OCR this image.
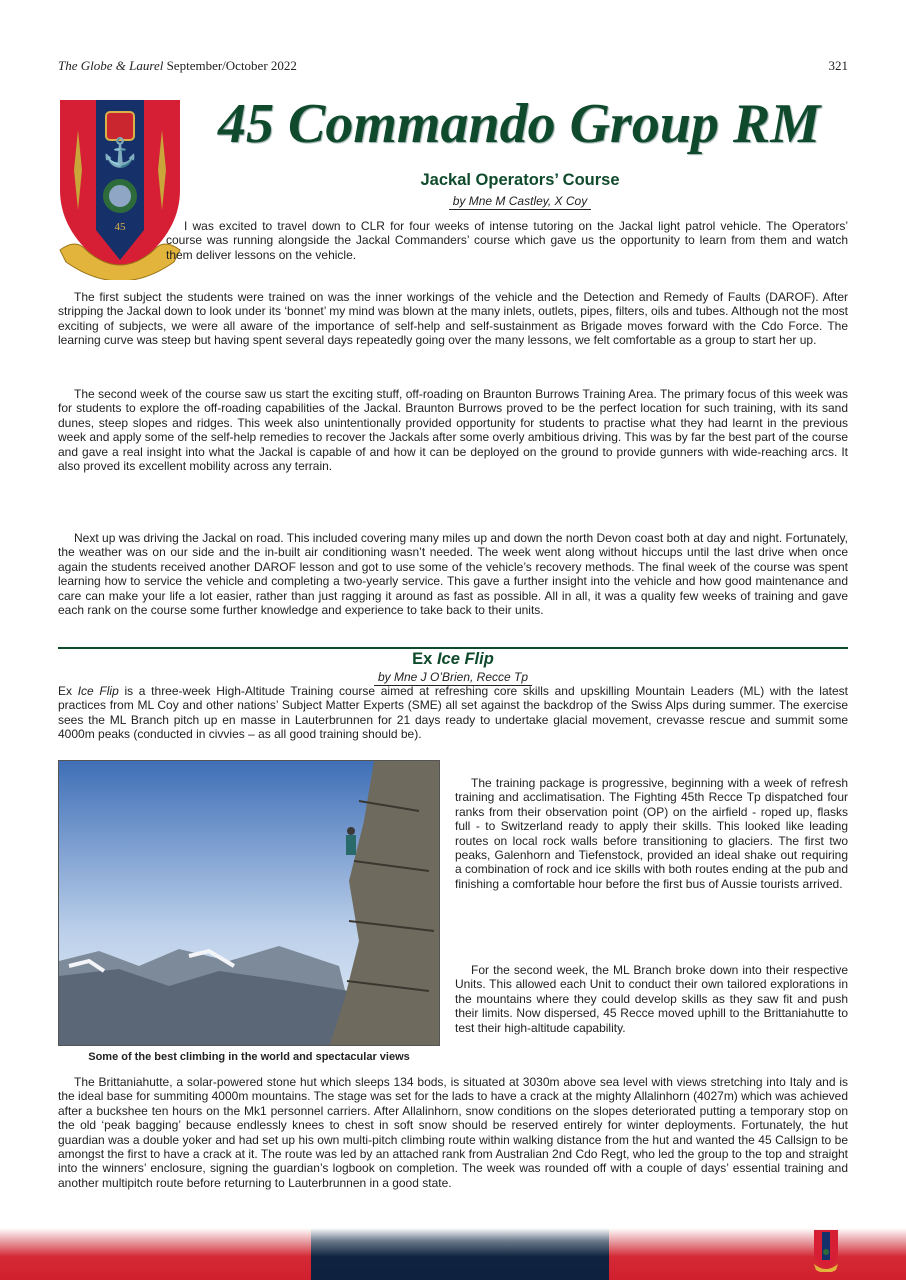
The Globe & Laurel September/October 2022	321
⚓
45
45 Commando Group RM
Jackal Operators’ Course
by Mne M Castley, X Coy
I was excited to travel down to CLR for four weeks of intense tutoring on the Jackal light patrol vehicle. The Operators’ course was running alongside the Jackal Commanders’ course which gave us the opportunity to learn from them and watch them deliver lessons on the vehicle.
The first subject the students were trained on was the inner workings of the vehicle and the Detection and Remedy of Faults (DAROF). After stripping the Jackal down to look under its ‘bonnet’ my mind was blown at the many inlets, outlets, pipes, filters, oils and tubes. Although not the most exciting of subjects, we were all aware of the importance of self-help and self-sustainment as Brigade moves forward with the Cdo Force. The learning curve was steep but having spent several days repeatedly going over the many lessons, we felt comfortable as a group to start her up.
The second week of the course saw us start the exciting stuff, off-roading on Braunton Burrows Training Area. The primary focus of this week was for students to explore the off-roading capabilities of the Jackal. Braunton Burrows proved to be the perfect location for such training, with its sand dunes, steep slopes and ridges. This week also unintentionally provided opportunity for students to practise what they had learnt in the previous week and apply some of the self-help remedies to recover the Jackals after some overly ambitious driving. This was by far the best part of the course and gave a real insight into what the Jackal is capable of and how it can be deployed on the ground to provide gunners with wide-reaching arcs. It also proved its excellent mobility across any terrain.
Next up was driving the Jackal on road. This included covering many miles up and down the north Devon coast both at day and night. Fortunately, the weather was on our side and the in-built air conditioning wasn’t needed. The week went along without hiccups until the last drive when once again the students received another DAROF lesson and got to use some of the vehicle’s recovery methods. The final week of the course was spent learning how to service the vehicle and completing a two-yearly service. This gave a further insight into the vehicle and how good maintenance and care can make your life a lot easier, rather than just ragging it around as fast as possible. All in all, it was a quality few weeks of training and gave each rank on the course some further knowledge and experience to take back to their units.
Ex Ice Flip
by Mne J O’Brien, Recce Tp
Ex Ice Flip is a three-week High-Altitude Training course aimed at refreshing core skills and upskilling Mountain Leaders (ML) with the latest practices from ML Coy and other nations’ Subject Matter Experts (SME) all set against the backdrop of the Swiss Alps during summer. The exercise sees the ML Branch pitch up en masse in Lauterbrunnen for 21 days ready to undertake glacial movement, crevasse rescue and summit some 4000m peaks (conducted in civvies – as all good training should be).
Some of the best climbing in the world and spectacular views
The training package is progressive, beginning with a week of refresh training and acclimatisation. The Fighting 45th Recce Tp dispatched four ranks from their observation point (OP) on the airfield - roped up, flasks full - to Switzerland ready to apply their skills. This looked like leading routes on local rock walls before transitioning to glaciers. The first two peaks, Galenhorn and Tiefenstock, provided an ideal shake out requiring a combination of rock and ice skills with both routes ending at the pub and finishing a comfortable hour before the first bus of Aussie tourists arrived.
For the second week, the ML Branch broke down into their respective Units. This allowed each Unit to conduct their own tailored explorations in the mountains where they could develop skills as they saw fit and push their limits. Now dispersed, 45 Recce moved uphill to the Brittaniahutte to test their high-altitude capability.
The Brittaniahutte, a solar-powered stone hut which sleeps 134 bods, is situated at 3030m above sea level with views stretching into Italy and is the ideal base for summiting 4000m mountains. The stage was set for the lads to have a crack at the mighty Allalinhorn (4027m) which was achieved after a buckshee ten hours on the Mk1 personnel carriers. After Allalinhorn, snow conditions on the slopes deteriorated putting a temporary stop on the old ‘peak bagging’ because endlessly knees to chest in soft snow should be reserved entirely for winter deployments. Fortunately, the hut guardian was a double yoker and had set up his own multi-pitch climbing route within walking distance from the hut and wanted the 45 Callsign to be amongst the first to have a crack at it. The route was led by an attached rank from Australian 2nd Cdo Regt, who led the group to the top and straight into the winners’ enclosure, signing the guardian’s logbook on completion. The week was rounded off with a couple of days’ essential training and another multipitch route before returning to Lauterbrunnen in a good state.
